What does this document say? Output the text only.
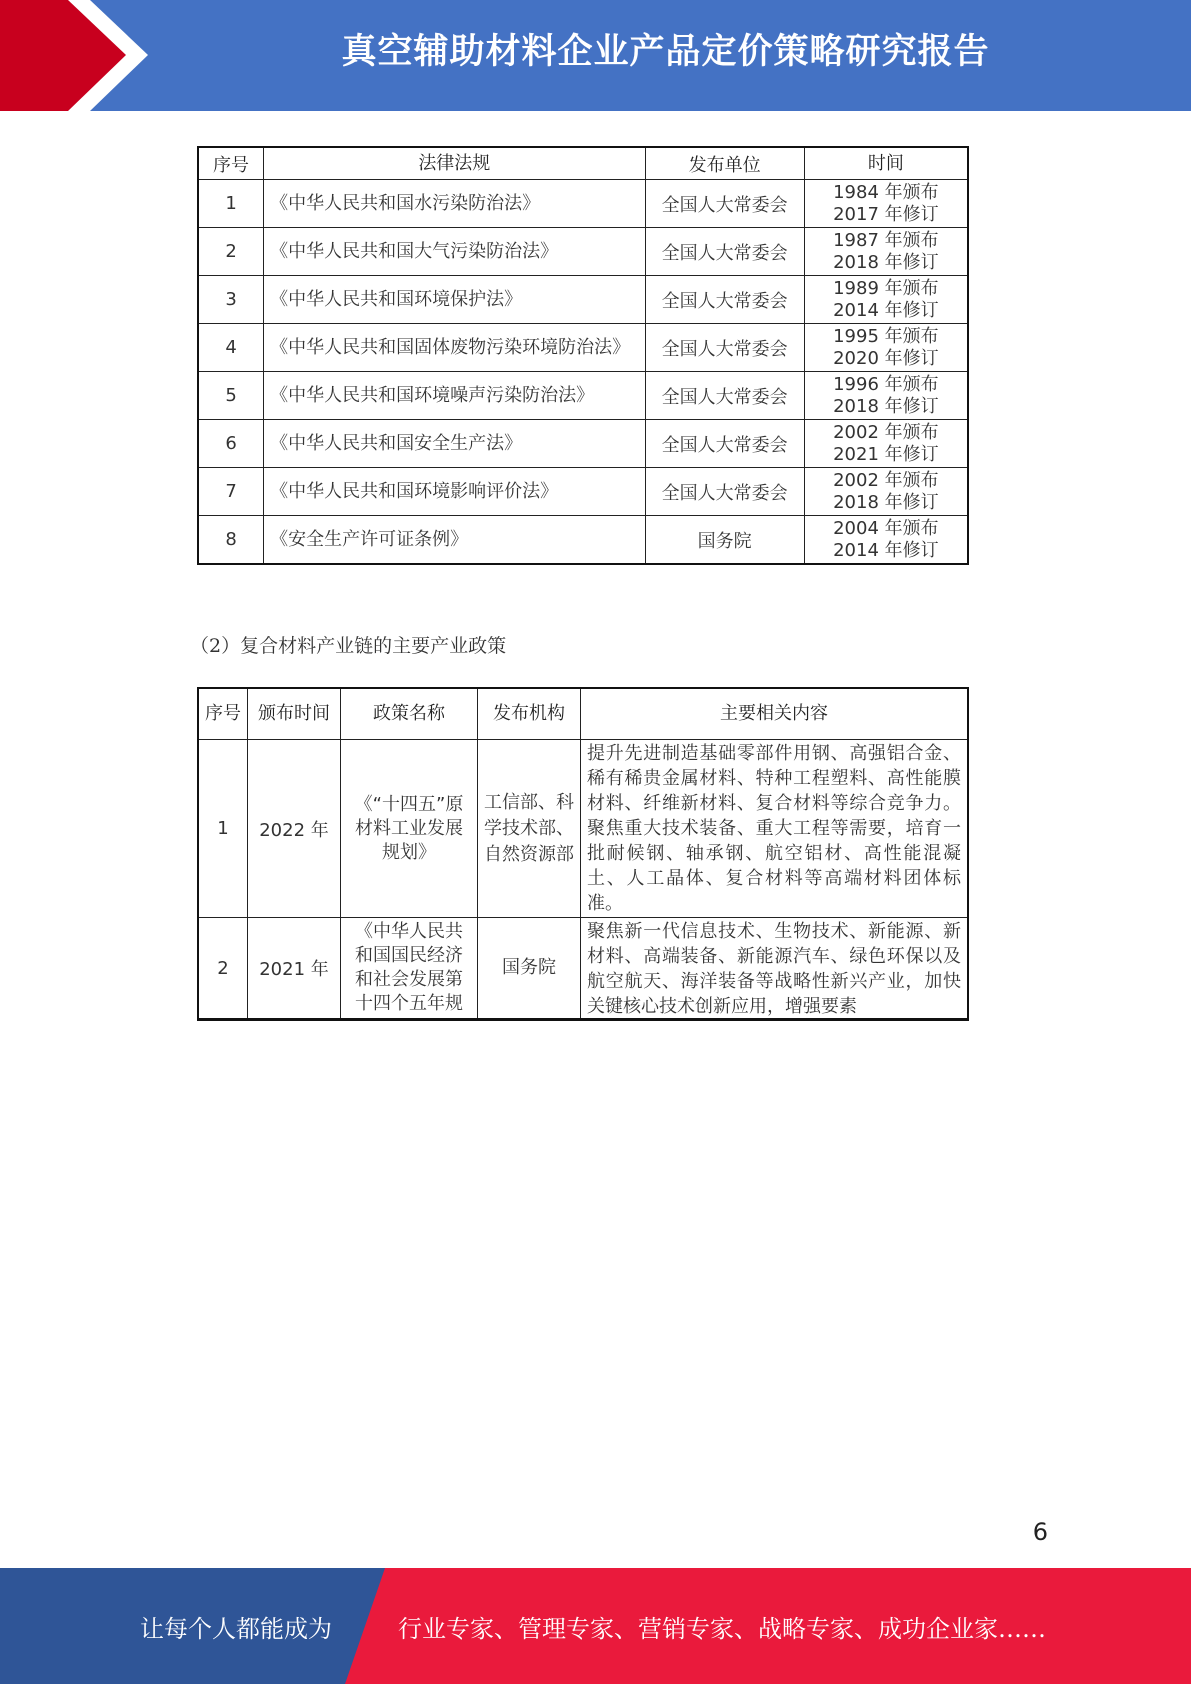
真空辅助材料企业产品定价策略研究报告
序号	法律法规	发布单位	时间
1	《中华人民共和国水污染防治法》	全国人大常委会	1984 年颁布
2017 年修订

2	《中华人民共和国大气污染防治法》	全国人大常委会	1987 年颁布
2018 年修订

3	《中华人民共和国环境保护法》	全国人大常委会	1989 年颁布
2014 年修订

4	《中华人民共和国固体废物污染环境防治法》	全国人大常委会	1995 年颁布
2020 年修订

5	《中华人民共和国环境噪声污染防治法》	全国人大常委会	1996 年颁布
2018 年修订

6	《中华人民共和国安全生产法》	全国人大常委会	2002 年颁布
2021 年修订

7	《中华人民共和国环境影响评价法》	全国人大常委会	2002 年颁布
2018 年修订

8	《安全生产许可证条例》	国务院	2004 年颁布
2014 年修订
（2）复合材料产业链的主要产业政策
序号	颁布时间	政策名称	发布机构	主要相关内容
1	2022 年	《“十四五”原材料工业发展规划》	工信部、科学技术部、自然资源部	提升先进制造基础零部件用钢、高强铝合金、稀有稀贵金属材料、特种工程塑料、高性能膜材料、纤维新材料、复合材料等综合竞争力。聚焦重大技术装备、重大工程等需要，培育一批耐候钢、轴承钢、航空铝材、高性能混凝土、人工晶体、复合材料等高端材料团体标准。
2	2021 年	《中华人民共和国国民经济和社会发展第十四个五年规	国务院	聚焦新一代信息技术、生物技术、新能源、新材料、高端装备、新能源汽车、绿色环保以及航空航天、海洋装备等战略性新兴产业，加快关键核心技术创新应用，增强要素
6
让每个人都能成为	行业专家、管理专家、营销专家、战略专家、成功企业家……
